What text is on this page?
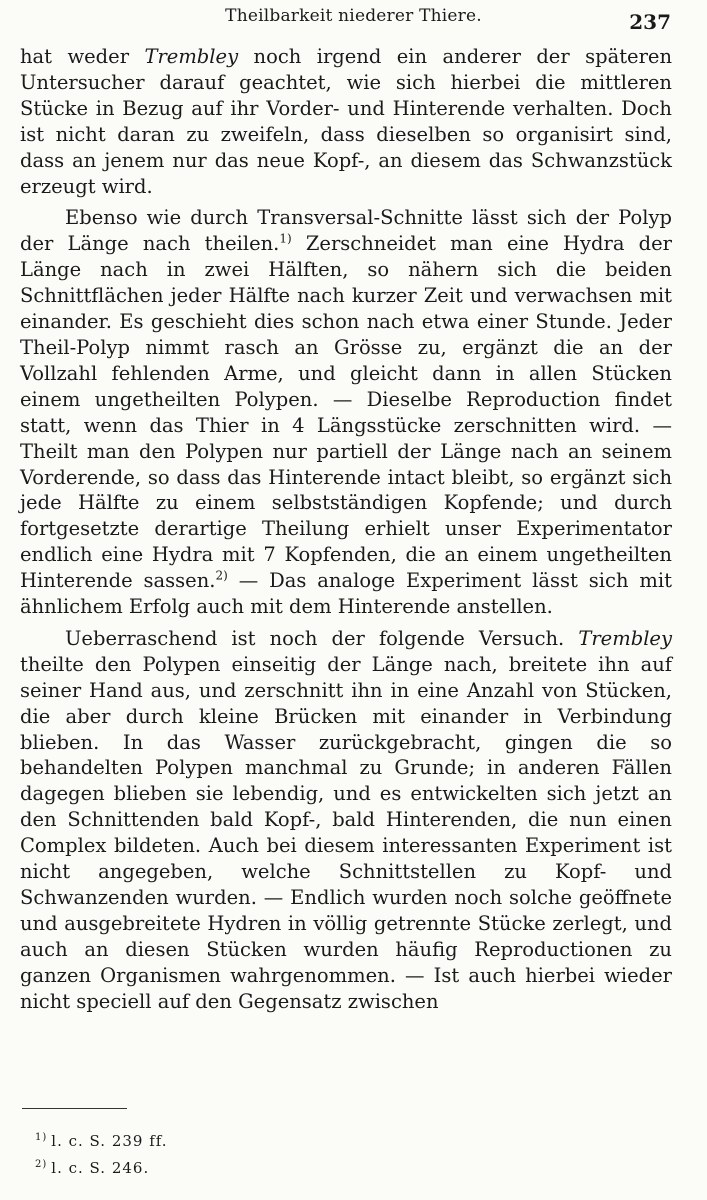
Theilbarkeit niederer Thiere.	237

hat weder Trembley noch irgend ein anderer der späteren Untersucher darauf geachtet, wie sich hierbei die mittleren Stücke in Bezug auf ihr Vorder- und Hinterende verhalten. Doch ist nicht daran zu zweifeln, dass dieselben so organisirt sind, dass an jenem nur das neue Kopf-, an diesem das Schwanzstück erzeugt wird.

Ebenso wie durch Transversal-Schnitte lässt sich der Polyp der Länge nach theilen.$^{1)}$ Zerschneidet man eine Hydra der Länge nach in zwei Hälften, so nähern sich die beiden Schnittflächen jeder Hälfte nach kurzer Zeit und verwachsen mit einander. Es geschieht dies schon nach etwa einer Stunde. Jeder Theil-Polyp nimmt rasch an Grösse zu, ergänzt die an der Vollzahl fehlenden Arme, und gleicht dann in allen Stücken einem ungetheilten Polypen. — Dieselbe Reproduction findet statt, wenn das Thier in 4 Längsstücke zerschnitten wird. — Theilt man den Polypen nur partiell der Länge nach an seinem Vorderende, so dass das Hinterende intact bleibt, so ergänzt sich jede Hälfte zu einem selbstständigen Kopfende; und durch fortgesetzte derartige Theilung erhielt unser Experimentator endlich eine Hydra mit 7 Kopfenden, die an einem ungetheilten Hinterende sassen.$^{2)}$ — Das analoge Experiment lässt sich mit ähnlichem Erfolg auch mit dem Hinterende anstellen.

Ueberraschend ist noch der folgende Versuch. Trembley theilte den Polypen einseitig der Länge nach, breitete ihn auf seiner Hand aus, und zerschnitt ihn in eine Anzahl von Stücken, die aber durch kleine Brücken mit einander in Verbindung blieben. In das Wasser zurückgebracht, gingen die so behandelten Polypen manchmal zu Grunde; in anderen Fällen dagegen blieben sie lebendig, und es entwickelten sich jetzt an den Schnittenden bald Kopf-, bald Hinterenden, die nun einen Complex bildeten. Auch bei diesem interessanten Experiment ist nicht angegeben, welche Schnittstellen zu Kopf- und Schwanzenden wurden. — Endlich wurden noch solche geöffnete und ausgebreitete Hydren in völlig getrennte Stücke zerlegt, und auch an diesen Stücken wurden häufig Reproductionen zu ganzen Organismen wahrgenommen. — Ist auch hierbei wieder nicht speciell auf den Gegensatz zwischen

$^{1)}$ l. c. S. 239 ff.
$^{2)}$ l. c. S. 246.
